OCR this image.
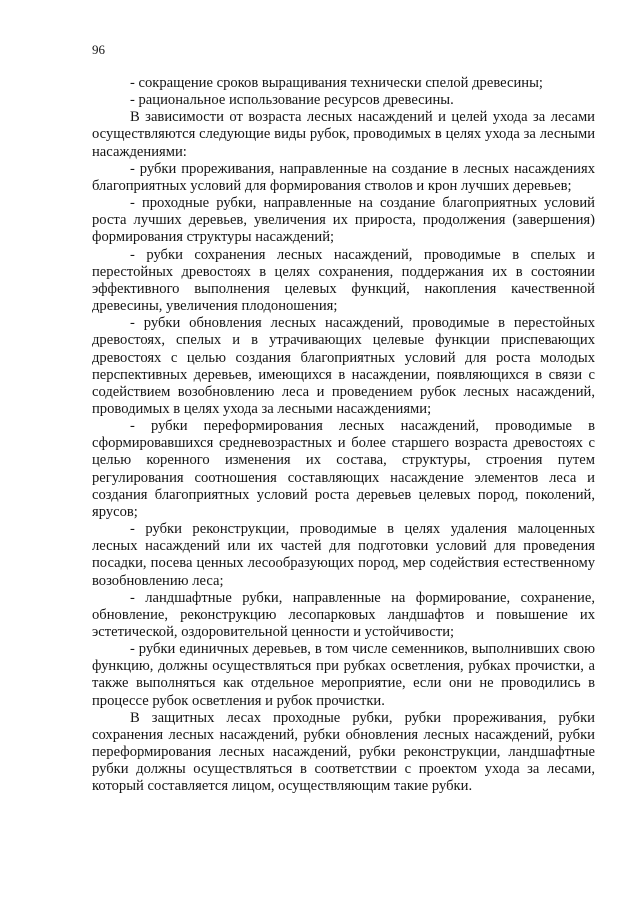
96

- сокращение сроков выращивания технически спелой древесины;

- рациональное использование ресурсов древесины.

В зависимости от возраста лесных насаждений и целей ухода за лесами осуществляются следующие виды рубок, проводимых в целях ухода за лесными насаждениями:

- рубки прореживания, направленные на создание в лесных насаждениях благоприятных условий для формирования стволов и крон лучших деревьев;

- проходные рубки, направленные на создание благоприятных условий роста лучших деревьев, увеличения их прироста, продолжения (завершения) формирования структуры насаждений;

- рубки сохранения лесных насаждений, проводимые в спелых и перестойных древостоях в целях сохранения, поддержания их в состоянии эффективного выполнения целевых функций, накопления качественной древесины, увеличения плодоношения;

- рубки обновления лесных насаждений, проводимые в перестойных древостоях, спелых и в утрачивающих целевые функции приспевающих древостоях с целью создания благоприятных условий для роста молодых перспективных деревьев, имеющихся в насаждении, появляющихся в связи с содействием возобновлению леса и проведением рубок лесных насаждений, проводимых в целях ухода за лесными насаждениями;

- рубки переформирования лесных насаждений, проводимые в сформировавшихся средневозрастных и более старшего возраста древостоях с целью коренного изменения их состава, структуры, строения путем регулирования соотношения составляющих насаждение элементов леса и создания благоприятных условий роста деревьев целевых пород, поколений, ярусов;

- рубки реконструкции, проводимые в целях удаления малоценных лесных насаждений или их частей для подготовки условий для проведения посадки, посева ценных лесообразующих пород, мер содействия естественному возобновлению леса;

- ландшафтные рубки, направленные на формирование, сохранение, обновление, реконструкцию лесопарковых ландшафтов и повышение их эстетической, оздоровительной ценности и устойчивости;

- рубки единичных деревьев, в том числе семенников, выполнивших свою функцию, должны осуществляться при рубках осветления, рубках прочистки, а также выполняться как отдельное мероприятие, если они не проводились в процессе рубок осветления и рубок прочистки.

В защитных лесах проходные рубки, рубки прореживания, рубки сохранения лесных насаждений, рубки обновления лесных насаждений, рубки переформирования лесных насаждений, рубки реконструкции, ландшафтные рубки должны осуществляться в соответствии с проектом ухода за лесами, который составляется лицом, осуществляющим такие рубки.
